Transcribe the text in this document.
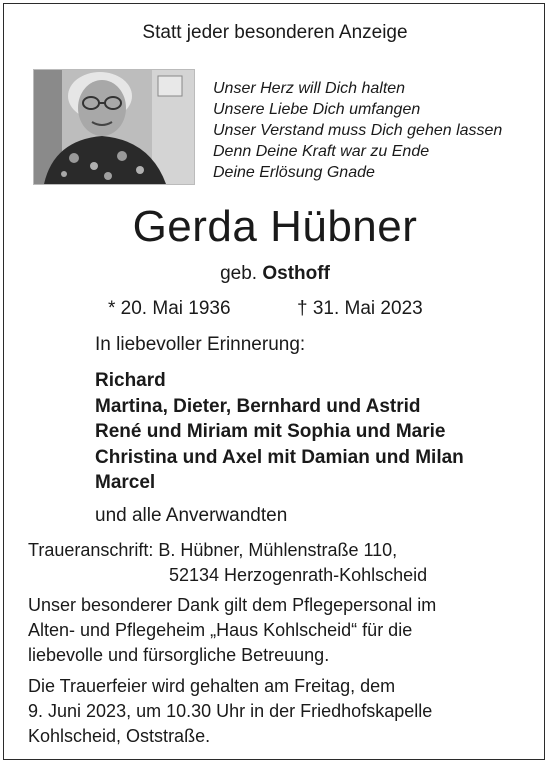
Statt jeder besonderen Anzeige
Unser Herz will Dich halten
Unsere Liebe Dich umfangen
Unser Verstand muss Dich gehen lassen
Denn Deine Kraft war zu Ende
Deine Erlösung Gnade
Gerda Hübner
geb. Osthoff
* 20. Mai 1936	† 31. Mai 2023
In liebevoller Erinnerung:
Richard
Martina, Dieter, Bernhard und Astrid
René und Miriam mit Sophia und Marie
Christina und Axel mit Damian und Milan
Marcel
und alle Anverwandten
Traueranschrift: B. Hübner, Mühlenstraße 110,
52134 Herzogenrath-Kohlscheid
Unser besonderer Dank gilt dem Pflegepersonal im
Alten- und Pflegeheim „Haus Kohlscheid“ für die
liebevolle und fürsorgliche Betreuung.
Die Trauerfeier wird gehalten am Freitag, dem
9. Juni 2023, um 10.30 Uhr in der Friedhofskapelle
Kohlscheid, Oststraße.
